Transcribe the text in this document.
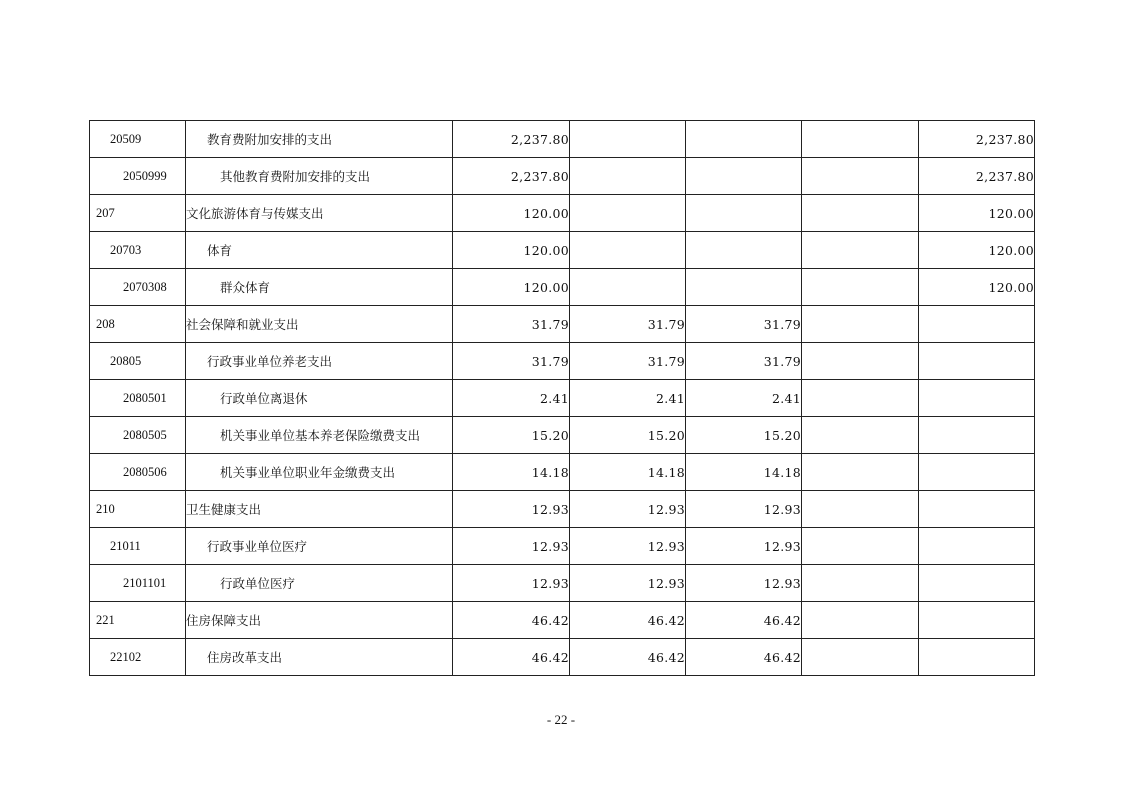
20509	教育费附加安排的支出	2,237.80				2,237.80
2050999	其他教育费附加安排的支出	2,237.80				2,237.80
207	文化旅游体育与传媒支出	120.00				120.00
20703	体育	120.00				120.00
2070308	群众体育	120.00				120.00
208	社会保障和就业支出	31.79	31.79	31.79		
20805	行政事业单位养老支出	31.79	31.79	31.79		
2080501	行政单位离退休	2.41	2.41	2.41		
2080505	机关事业单位基本养老保险缴费支出	15.20	15.20	15.20		
2080506	机关事业单位职业年金缴费支出	14.18	14.18	14.18		
210	卫生健康支出	12.93	12.93	12.93		
21011	行政事业单位医疗	12.93	12.93	12.93		
2101101	行政单位医疗	12.93	12.93	12.93		
221	住房保障支出	46.42	46.42	46.42		
22102	住房改革支出	46.42	46.42	46.42		
- 22 -
